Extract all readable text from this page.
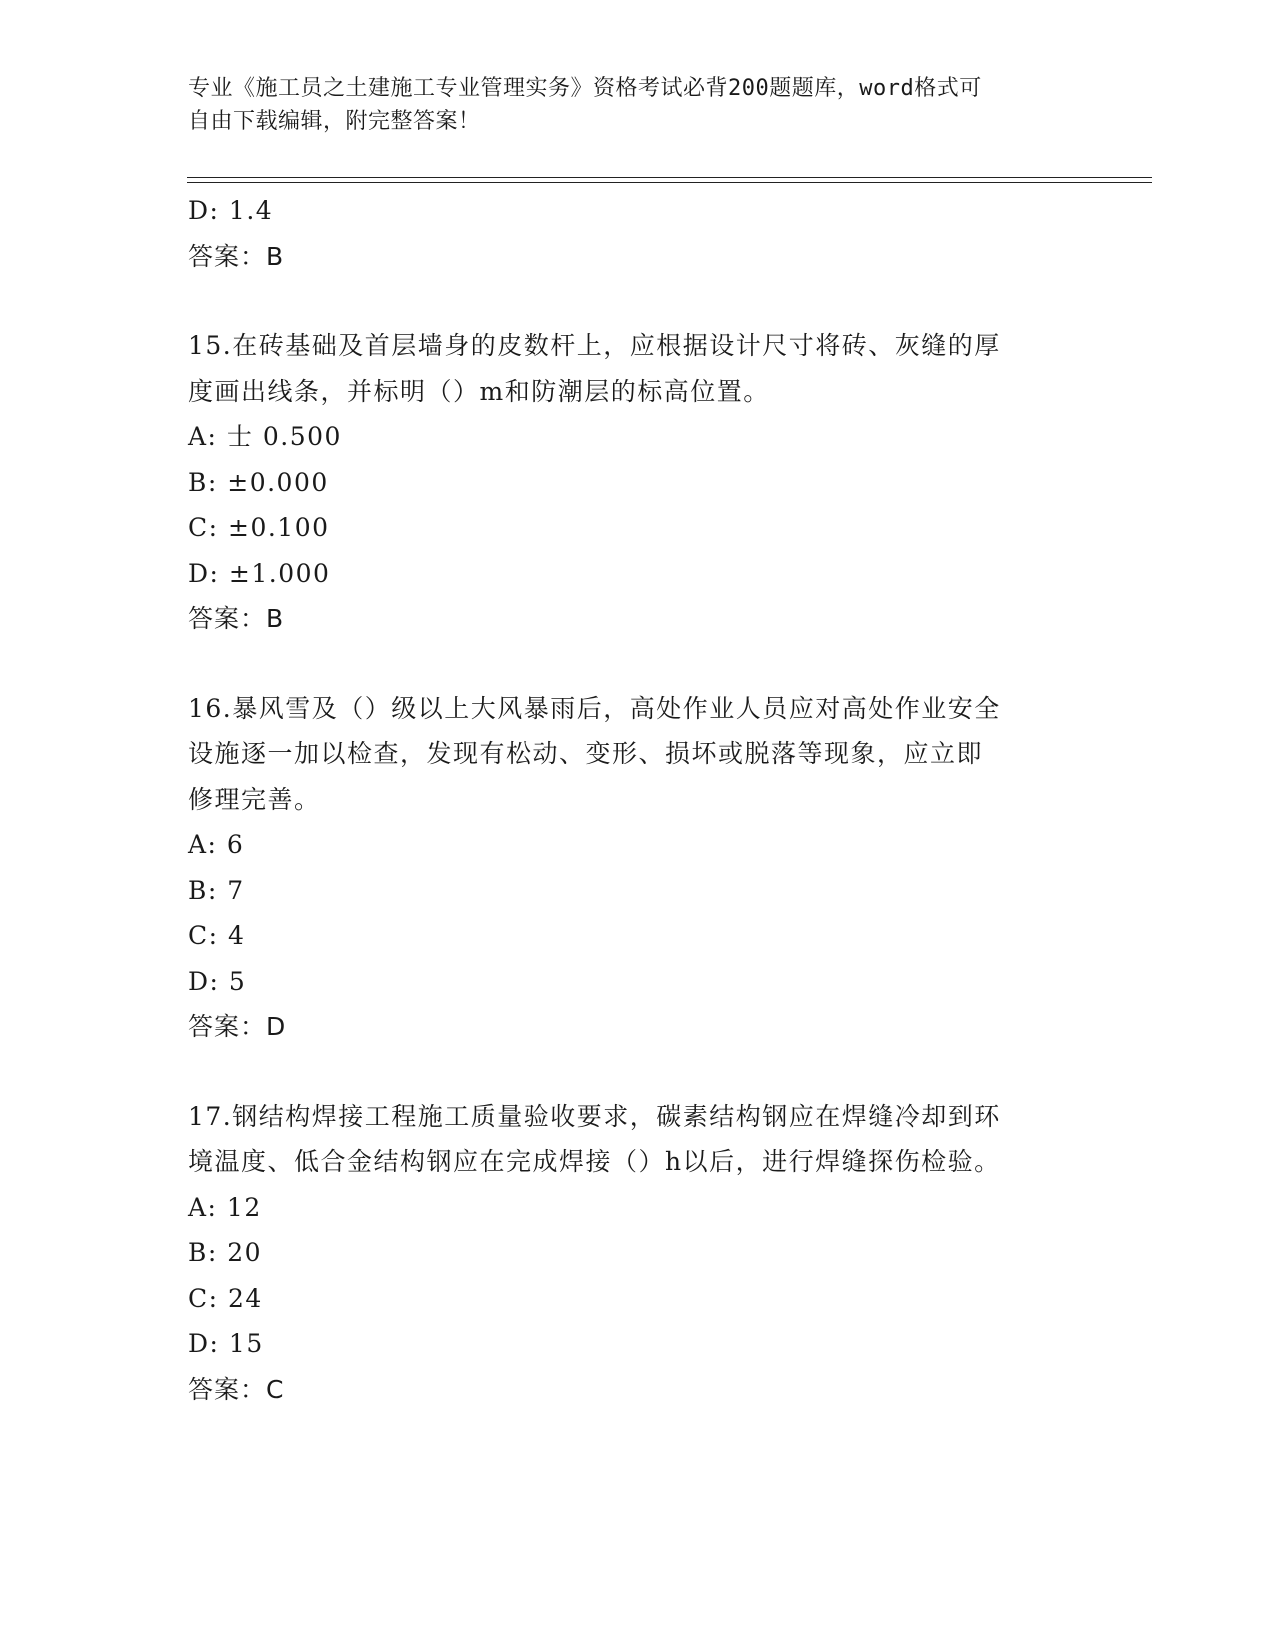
专业《施工员之土建施工专业管理实务》资格考试必背200题题库，word格式可
自由下载编辑，附完整答案！

D: 1.4

答案：B

15.在砖基础及首层墙身的皮数杆上，应根据设计尺寸将砖、灰缝的厚

度画出线条，并标明（）m和防潮层的标高位置。

A: 士 0.500

B: ±0.000

C: ±0.100

D: ±1.000

答案：B

16.暴风雪及（）级以上大风暴雨后，高处作业人员应对高处作业安全

设施逐一加以检查，发现有松动、变形、损坏或脱落等现象，应立即

修理完善。

A: 6

B: 7

C: 4

D: 5

答案：D

17.钢结构焊接工程施工质量验收要求，碳素结构钢应在焊缝冷却到环

境温度、低合金结构钢应在完成焊接（）h以后，进行焊缝探伤检验。

A: 12

B: 20

C: 24

D: 15

答案：C
